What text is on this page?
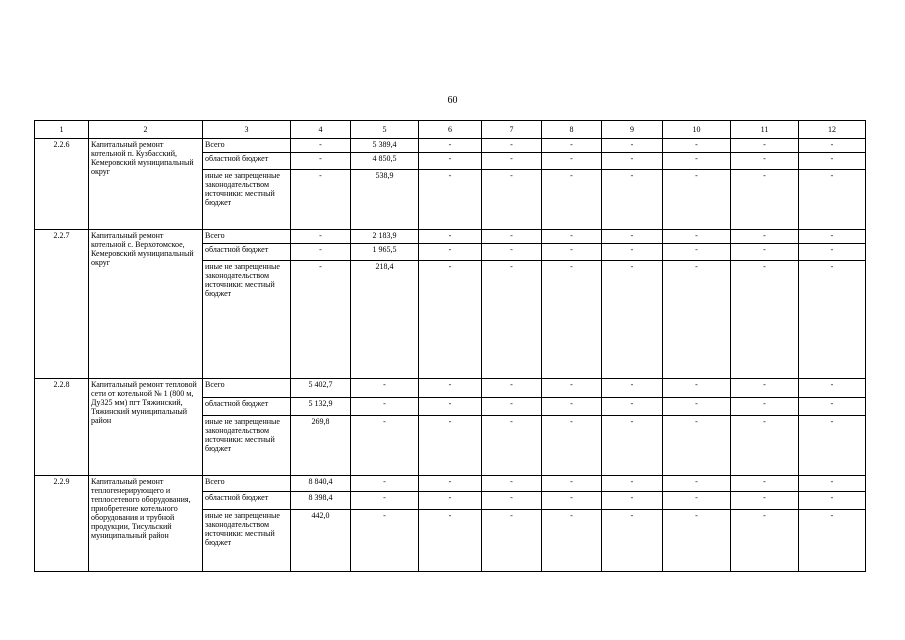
60
1	2	3	4	5	6	7	8	9	10	11	12
2.2.6	Капитальный ремонт котельной п. Кузбасский, Кемеровский муниципальный округ	Всего	-	5 389,4	-	-	-	-	-	-	-
		областной бюджет	-	4 850,5	-	-	-	-	-	-	-
		иные не запрещенные законодательством источники: местный бюджет	-	538,9	-	-	-	-	-	-	-
2.2.7	Капитальный ремонт котельной с. Верхотомское, Кемеровский муниципальный округ	Всего	-	2 183,9	-	-	-	-	-	-	-
		областной бюджет	-	1 965,5	-	-	-	-	-	-	-
		иные не запрещенные законодательством источники: местный бюджет	-	218,4	-	-	-	-	-	-	-
2.2.8	Капитальный ремонт тепловой сети от котельной № 1 (800 м, Ду325 мм) пгт Тяжинский, Тяжинский муниципальный район	Всего	5 402,7	-	-	-	-	-	-	-	-
		областной бюджет	5 132,9	-	-	-	-	-	-	-	-
		иные не запрещенные законодательством источники: местный бюджет	269,8	-	-	-	-	-	-	-	-
2.2.9	Капитальный ремонт теплогенерирующего и теплосетевого оборудования, приобретение котельного оборудования и трубной продукции, Тисульский муниципальный район	Всего	8 840,4	-	-	-	-	-	-	-	-
		областной бюджет	8 398,4	-	-	-	-	-	-	-	-
		иные не запрещенные законодательством источники: местный бюджет	442,0	-	-	-	-	-	-	-	-
